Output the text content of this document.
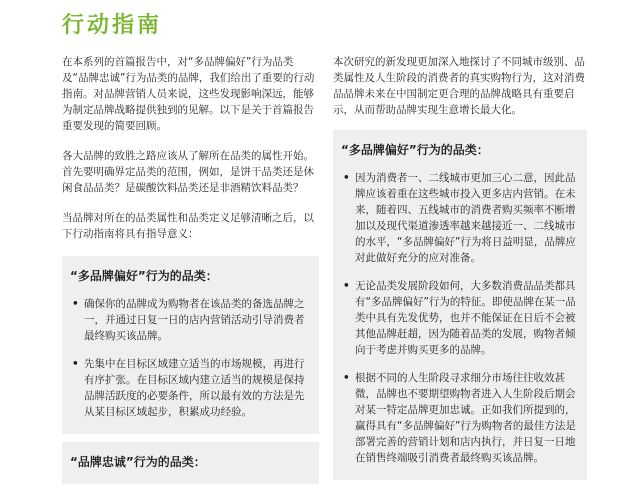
行动指南

在本系列的首篇报告中，对“多品牌偏好”行为品类及“品牌忠诚”行为品类的品牌，我们给出了重要的行动指南。对品牌营销人员来说，这些发现影响深远，能够为制定品牌战略提供独到的见解。以下是关于首篇报告重要发现的简要回顾。

各大品牌的致胜之路应该从了解所在品类的属性开始。首先要明确界定品类的范围，例如，是饼干品类还是休闲食品品类？是碳酸饮料品类还是非酒精饮料品类？

当品牌对所在的品类属性和品类定义足够清晰之后，以下行动指南将具有指导意义：

“多品牌偏好”行为的品类：
• 确保你的品牌成为购物者在该品类的备选品牌之一，并通过日复一日的店内营销活动引导消费者最终购买该品牌。
• 先集中在目标区域建立适当的市场规模，再进行有序扩张。在目标区域内建立适当的规模是保持品牌活跃度的必要条件，所以最有效的方法是先从某目标区域起步，积累成功经验。
“品牌忠诚”行为的品类：

本次研究的新发现更加深入地探讨了不同城市级别、品类属性及人生阶段的消费者的真实购物行为，这对消费品品牌未来在中国制定更合理的品牌战略具有重要启示，从而帮助品牌实现生意增长最大化。

“多品牌偏好”行为的品类：
• 因为消费者一、二线城市更加三心二意，因此品牌应该着重在这些城市投入更多店内营销。在未来，随着四、五线城市的消费者购买频率不断增加以及现代渠道渗透率越来越接近一、二线城市的水平，“多品牌偏好”行为将日益明显，品牌应对此做好充分的应对准备。
• 无论品类发展阶段如何，大多数消费品品类都具有“多品牌偏好”行为的特征。即使品牌在某一品类中具有先发优势，也并不能保证在日后不会被其他品牌赶超，因为随着品类的发展，购物者倾向于考虑并购买更多的品牌。
• 根据不同的人生阶段寻求细分市场往往收效甚微，品牌也不要期望购物者进入人生阶段后期会对某一特定品牌更加忠诚。正如我们所提到的，赢得具有“多品牌偏好”行为购物者的最佳方法是部署完善的营销计划和店内执行，并日复一日地在销售终端吸引消费者最终购买该品牌。
